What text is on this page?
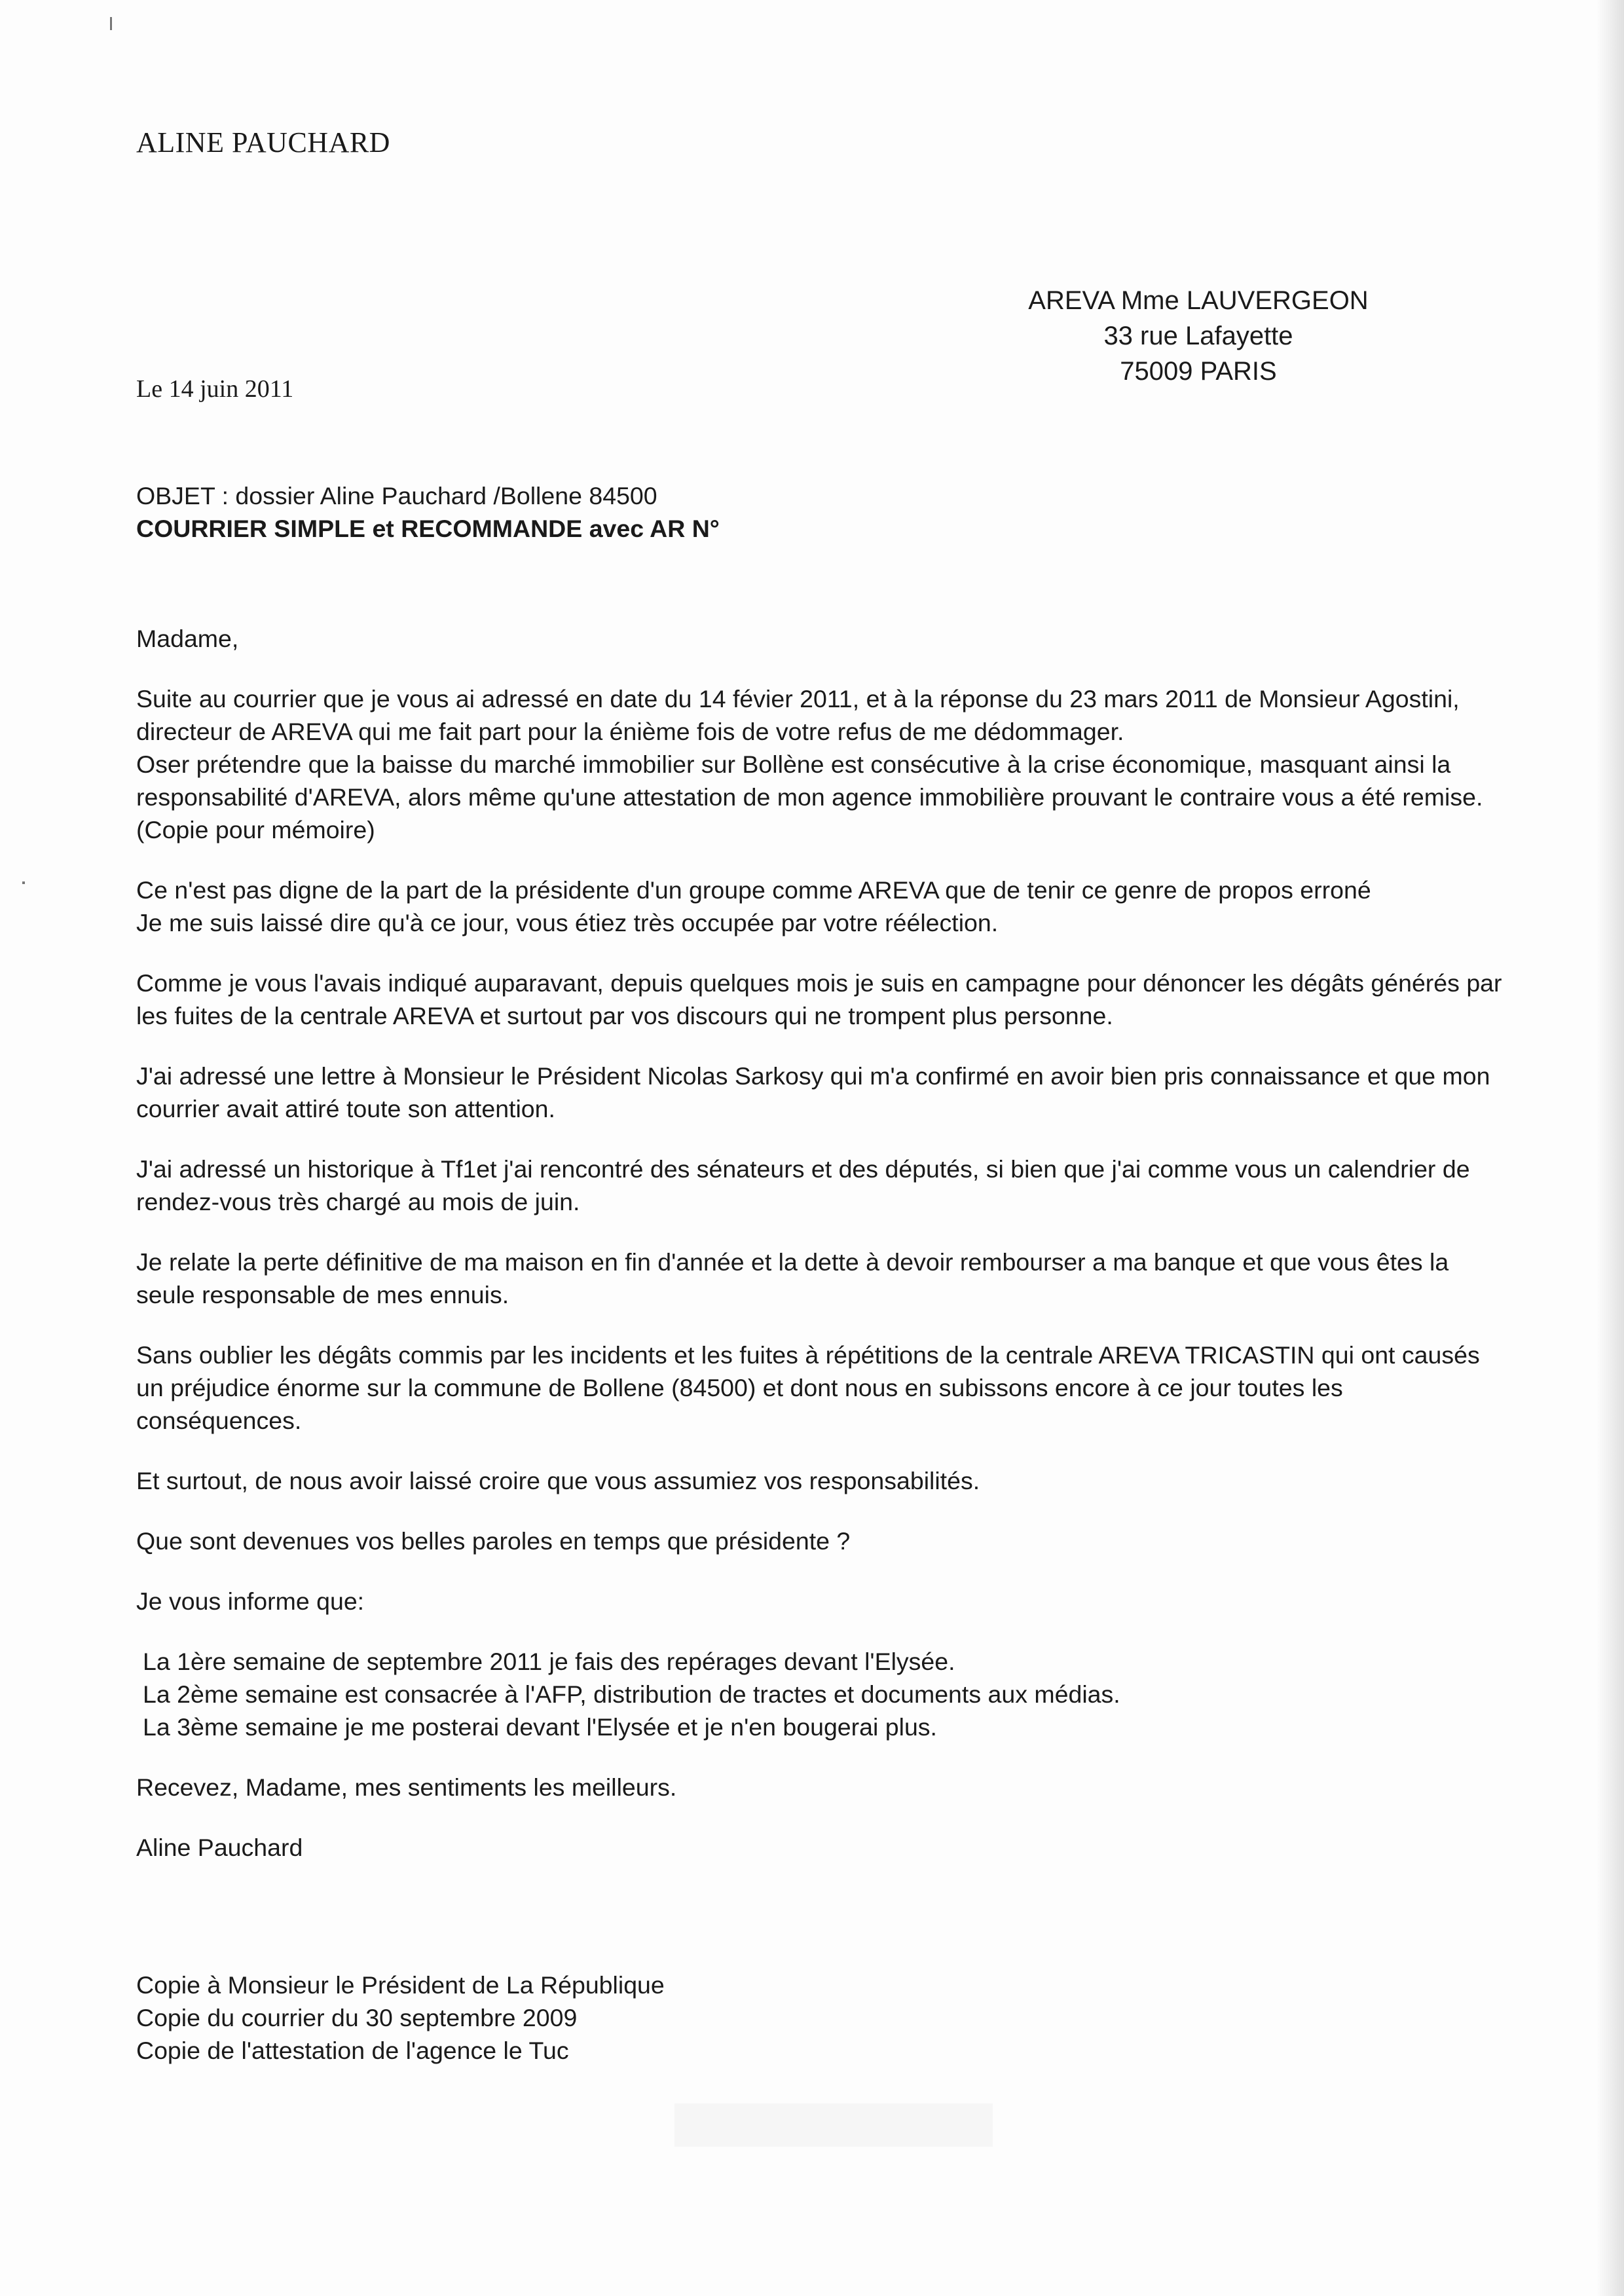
ALINE PAUCHARD
AREVA Mme LAUVERGEON
33 rue Lafayette
75009 PARIS
Le 14 juin 2011

OBJET : dossier Aline Pauchard /Bollene 84500

COURRIER SIMPLE et RECOMMANDE avec AR N°

Madame,

Suite au courrier que je vous ai adressé en date du 14 févier 2011, et à la réponse du 23 mars 2011 de Monsieur Agostini, directeur de AREVA qui me fait part pour la énième fois de votre refus de me dédommager.

Oser prétendre que la baisse du marché immobilier sur Bollène est consécutive à la crise économique, masquant ainsi la responsabilité d'AREVA, alors même qu'une attestation de mon agence immobilière prouvant le contraire vous a été remise. (Copie pour mémoire)

Ce n'est pas digne de la part de la présidente d'un groupe comme AREVA que de tenir ce genre de propos erroné

Je me suis laissé dire qu'à ce jour, vous étiez très occupée par votre réélection.

Comme je vous l'avais indiqué auparavant, depuis quelques mois je suis en campagne pour dénoncer les dégâts générés par les fuites de la centrale AREVA et surtout par vos discours qui ne trompent plus personne.

J'ai adressé une lettre à Monsieur le Président Nicolas Sarkosy qui m'a confirmé en avoir bien pris connaissance et que mon courrier avait attiré toute son attention.

J'ai adressé un historique à Tf1et j'ai rencontré des sénateurs et des députés, si bien que j'ai comme vous un calendrier de rendez-vous très chargé au mois de juin.

Je relate la perte définitive de ma maison en fin d'année et la dette à devoir rembourser a ma banque et que vous êtes la seule responsable de mes ennuis.

Sans oublier les dégâts commis par les incidents et les fuites à répétitions de la centrale AREVA TRICASTIN qui ont causés un préjudice énorme sur la commune de Bollene (84500) et dont nous en subissons encore à ce jour toutes les conséquences.

Et surtout, de nous avoir laissé croire que vous assumiez vos responsabilités.

Que sont devenues vos belles paroles en temps que présidente ?

Je vous informe que:

La 1ère semaine de septembre 2011 je fais des repérages devant l'Elysée.
La 2ème semaine est consacrée à l'AFP, distribution de tractes et documents aux médias.
La 3ème semaine je me posterai devant l'Elysée et je n'en bougerai plus.

Recevez, Madame, mes sentiments les meilleurs.

Aline Pauchard

Copie à Monsieur le Président de La République

Copie du courrier du 30 septembre 2009

Copie de l'attestation de l'agence le Tuc
